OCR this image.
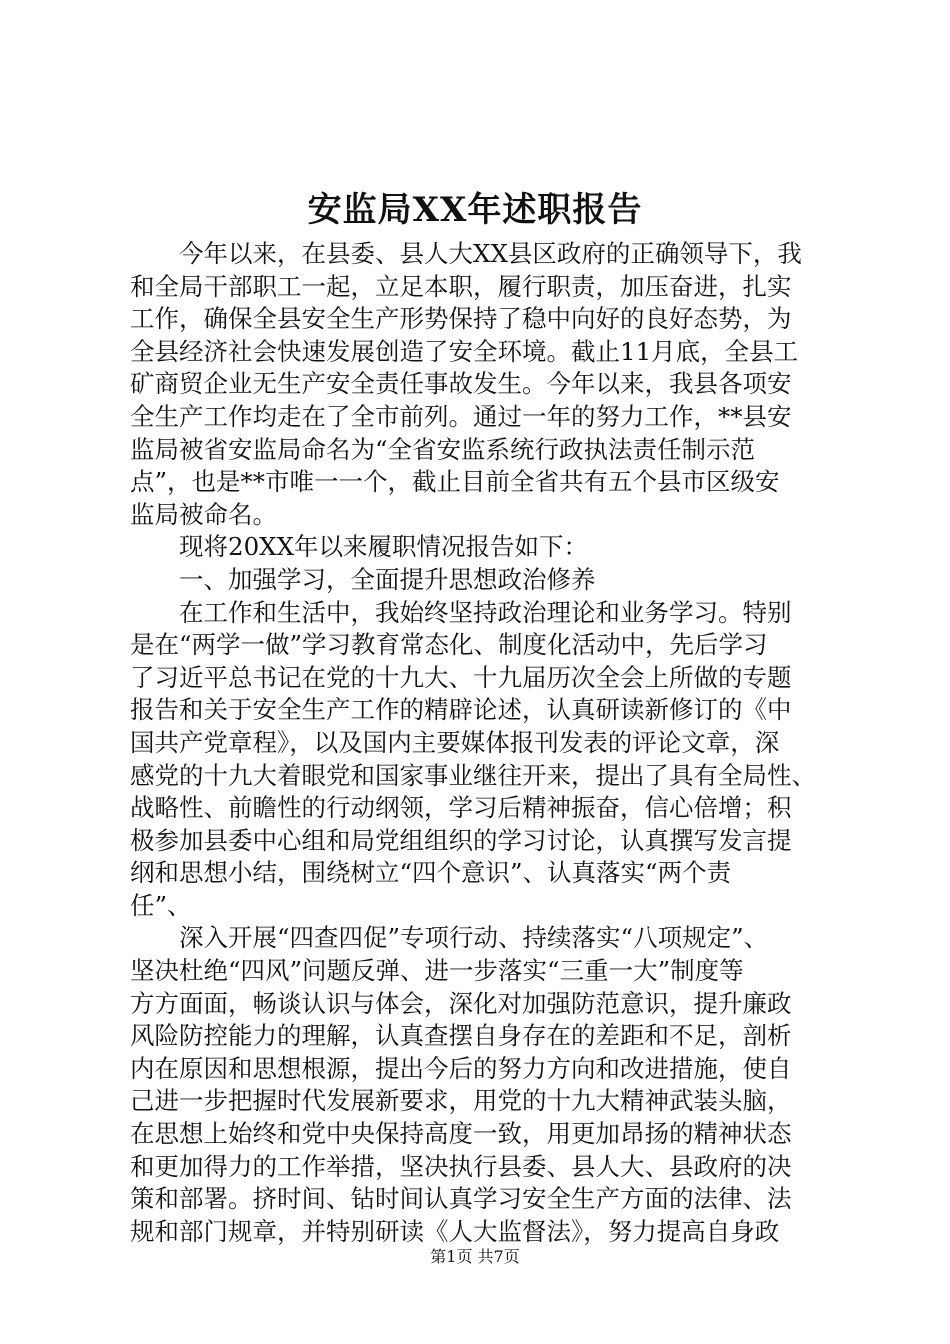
安监局XX年述职报告
　　今年以来，在县委、县人大XX县区政府的正确领导下，我
和全局干部职工一起，立足本职，履行职责，加压奋进，扎实
工作，确保全县安全生产形势保持了稳中向好的良好态势，为
全县经济社会快速发展创造了安全环境。截止11月底，全县工
矿商贸企业无生产安全责任事故发生。今年以来，我县各项安
全生产工作均走在了全市前列。通过一年的努力工作，**县安
监局被省安监局命名为“全省安监系统行政执法责任制示范
点”，也是**市唯一一个，截止目前全省共有五个县市区级安
监局被命名。
　　现将20XX年以来履职情况报告如下：
　　一、加强学习，全面提升思想政治修养
　　在工作和生活中，我始终坚持政治理论和业务学习。特别
是在“两学一做”学习教育常态化、制度化活动中，先后学习
了习近平总书记在党的十九大、十九届历次全会上所做的专题
报告和关于安全生产工作的精辟论述，认真研读新修订的《中
国共产党章程》，以及国内主要媒体报刊发表的评论文章，深
感党的十九大着眼党和国家事业继往开来，提出了具有全局性、
战略性、前瞻性的行动纲领，学习后精神振奋，信心倍增；积
极参加县委中心组和局党组组织的学习讨论，认真撰写发言提
纲和思想小结，围绕树立“四个意识”、认真落实“两个责
任”、
　　深入开展“四查四促”专项行动、持续落实“八项规定”、
坚决杜绝“四风”问题反弹、进一步落实“三重一大”制度等
方方面面，畅谈认识与体会，深化对加强防范意识，提升廉政
风险防控能力的理解，认真查摆自身存在的差距和不足，剖析
内在原因和思想根源，提出今后的努力方向和改进措施，使自
己进一步把握时代发展新要求，用党的十九大精神武装头脑，
在思想上始终和党中央保持高度一致，用更加昂扬的精神状态
和更加得力的工作举措，坚决执行县委、县人大、县政府的决
策和部署。挤时间、钻时间认真学习安全生产方面的法律、法
规和部门规章，并特别研读《人大监督法》，努力提高自身政
第1页 共7页
